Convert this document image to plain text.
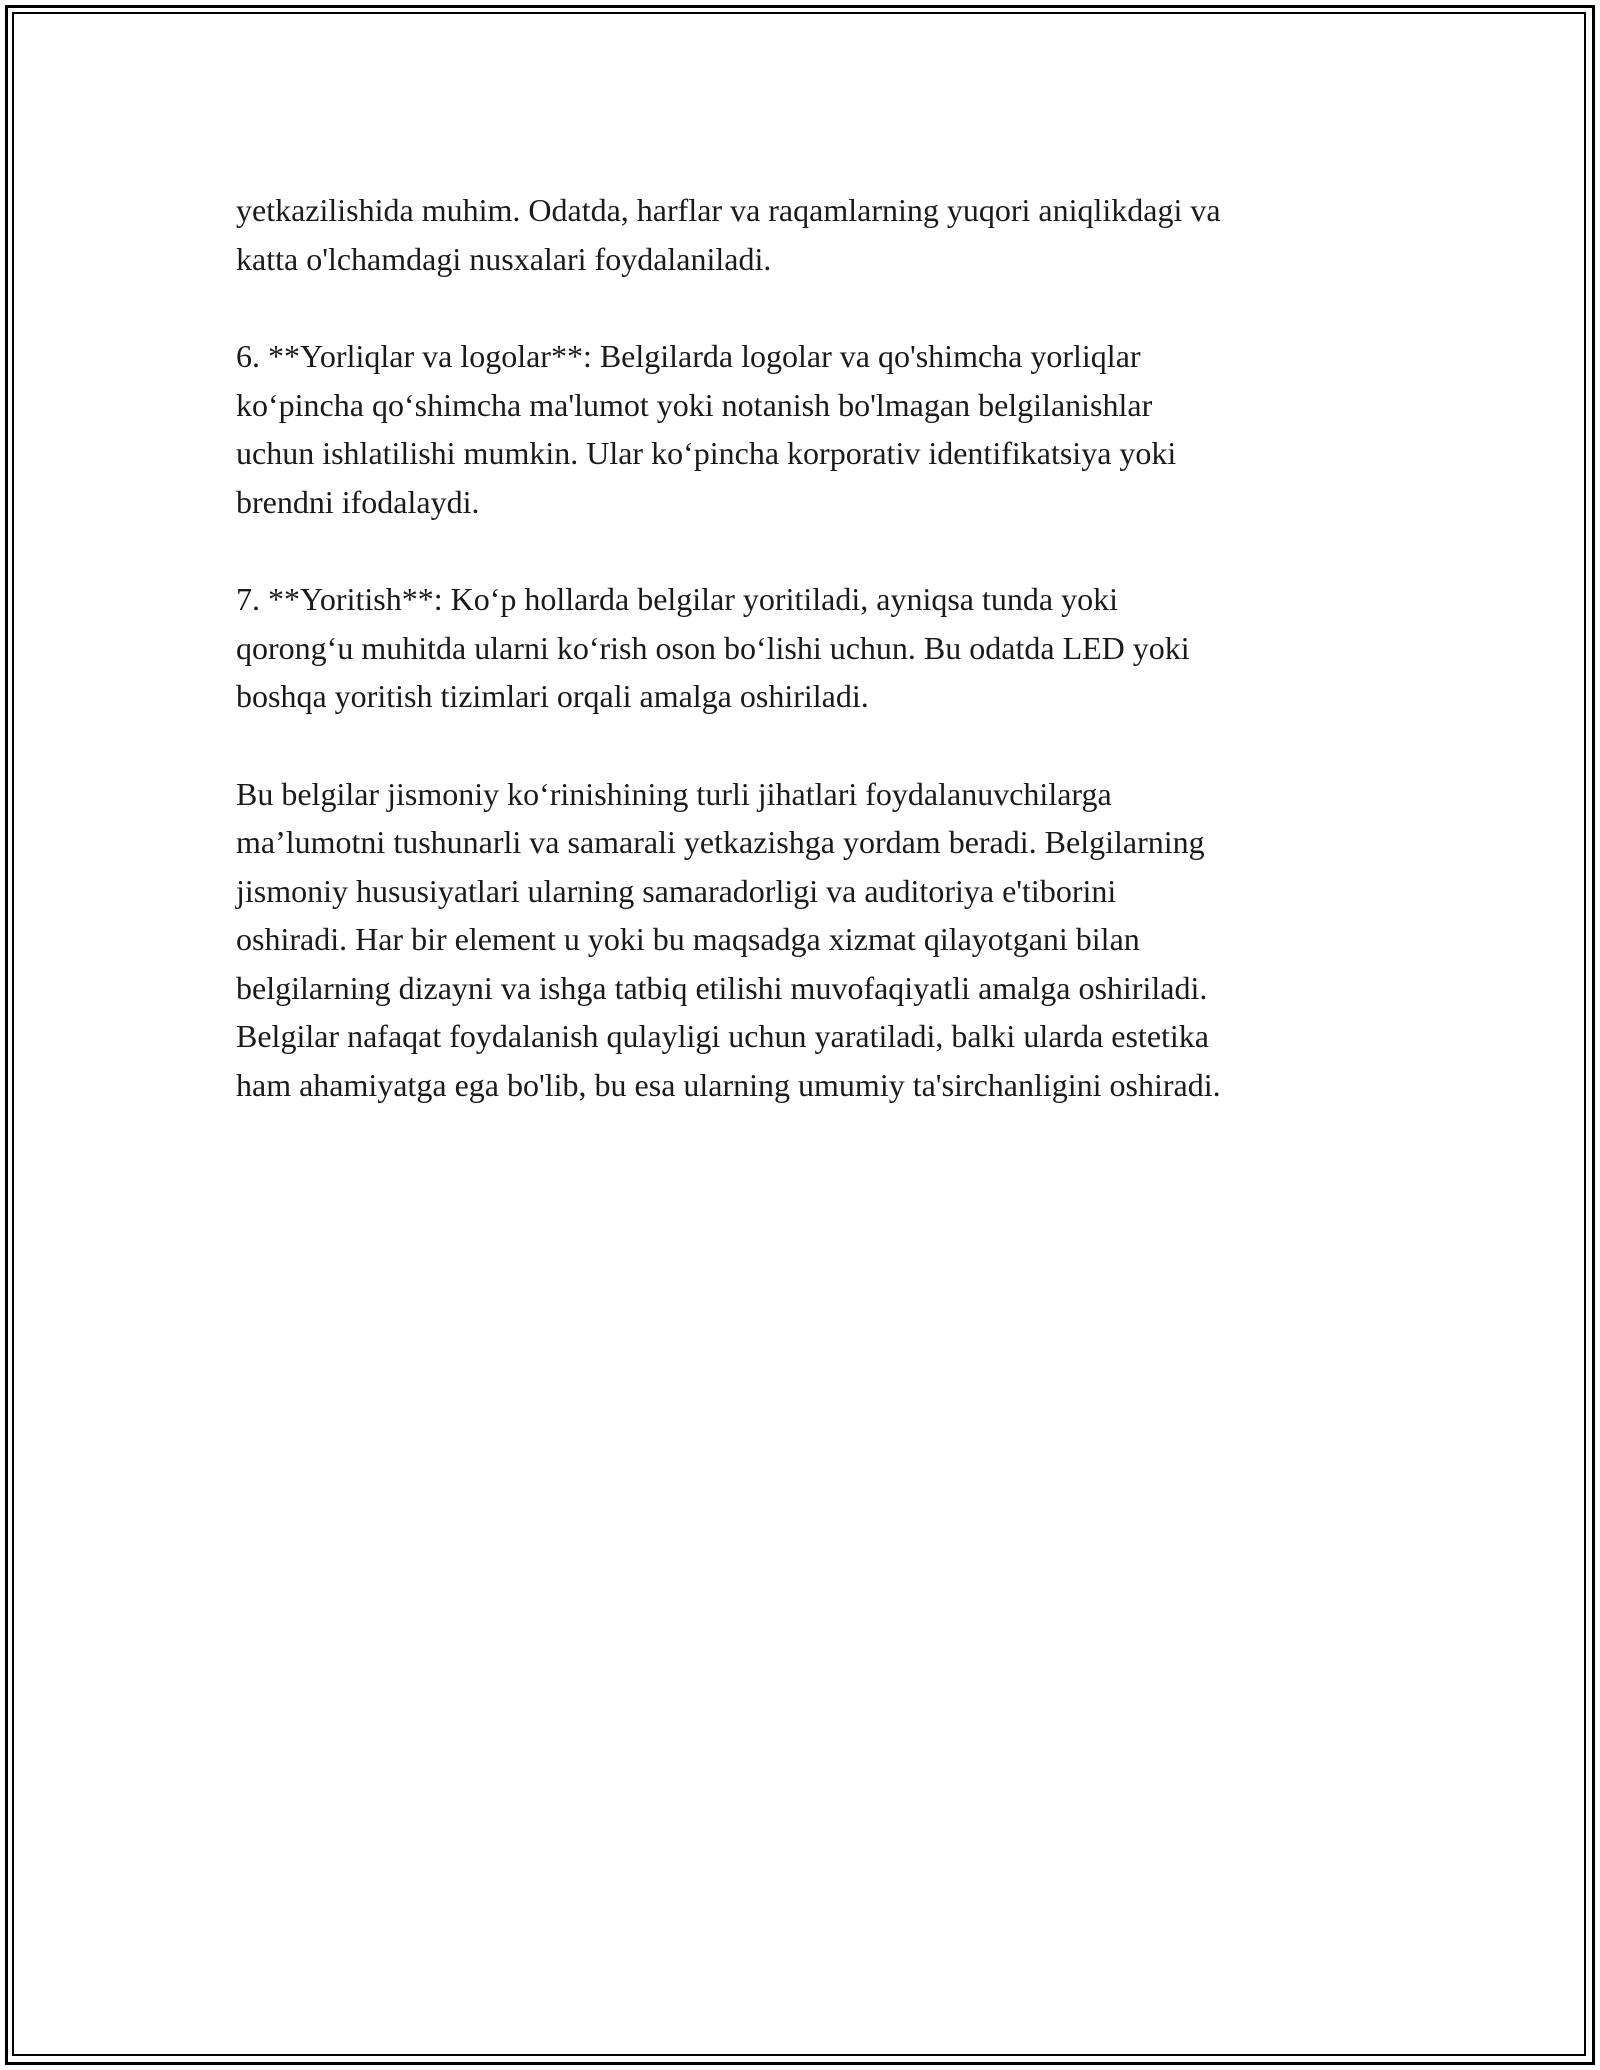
yetkazilishida muhim. Odatda, harflar va raqamlarning yuqori aniqlikdagi va
katta o'lchamdagi nusxalari foydalaniladi.

6. **Yorliqlar va logolar**: Belgilarda logolar va qo'shimcha yorliqlar
ko‘pincha qo‘shimcha ma'lumot yoki notanish bo'lmagan belgilanishlar
uchun ishlatilishi mumkin. Ular ko‘pincha korporativ identifikatsiya yoki
brendni ifodalaydi.

7. **Yoritish**: Ko‘p hollarda belgilar yoritiladi, ayniqsa tunda yoki
qorong‘u muhitda ularni ko‘rish oson bo‘lishi uchun. Bu odatda LED yoki
boshqa yoritish tizimlari orqali amalga oshiriladi.

Bu belgilar jismoniy ko‘rinishining turli jihatlari foydalanuvchilarga
ma’lumotni tushunarli va samarali yetkazishga yordam beradi. Belgilarning
jismoniy hususiyatlari ularning samaradorligi va auditoriya e'tiborini
oshiradi. Har bir element u yoki bu maqsadga xizmat qilayotgani bilan
belgilarning dizayni va ishga tatbiq etilishi muvofaqiyatli amalga oshiriladi.
Belgilar nafaqat foydalanish qulayligi uchun yaratiladi, balki ularda estetika
ham ahamiyatga ega bo'lib, bu esa ularning umumiy ta'sirchanligini oshiradi.
